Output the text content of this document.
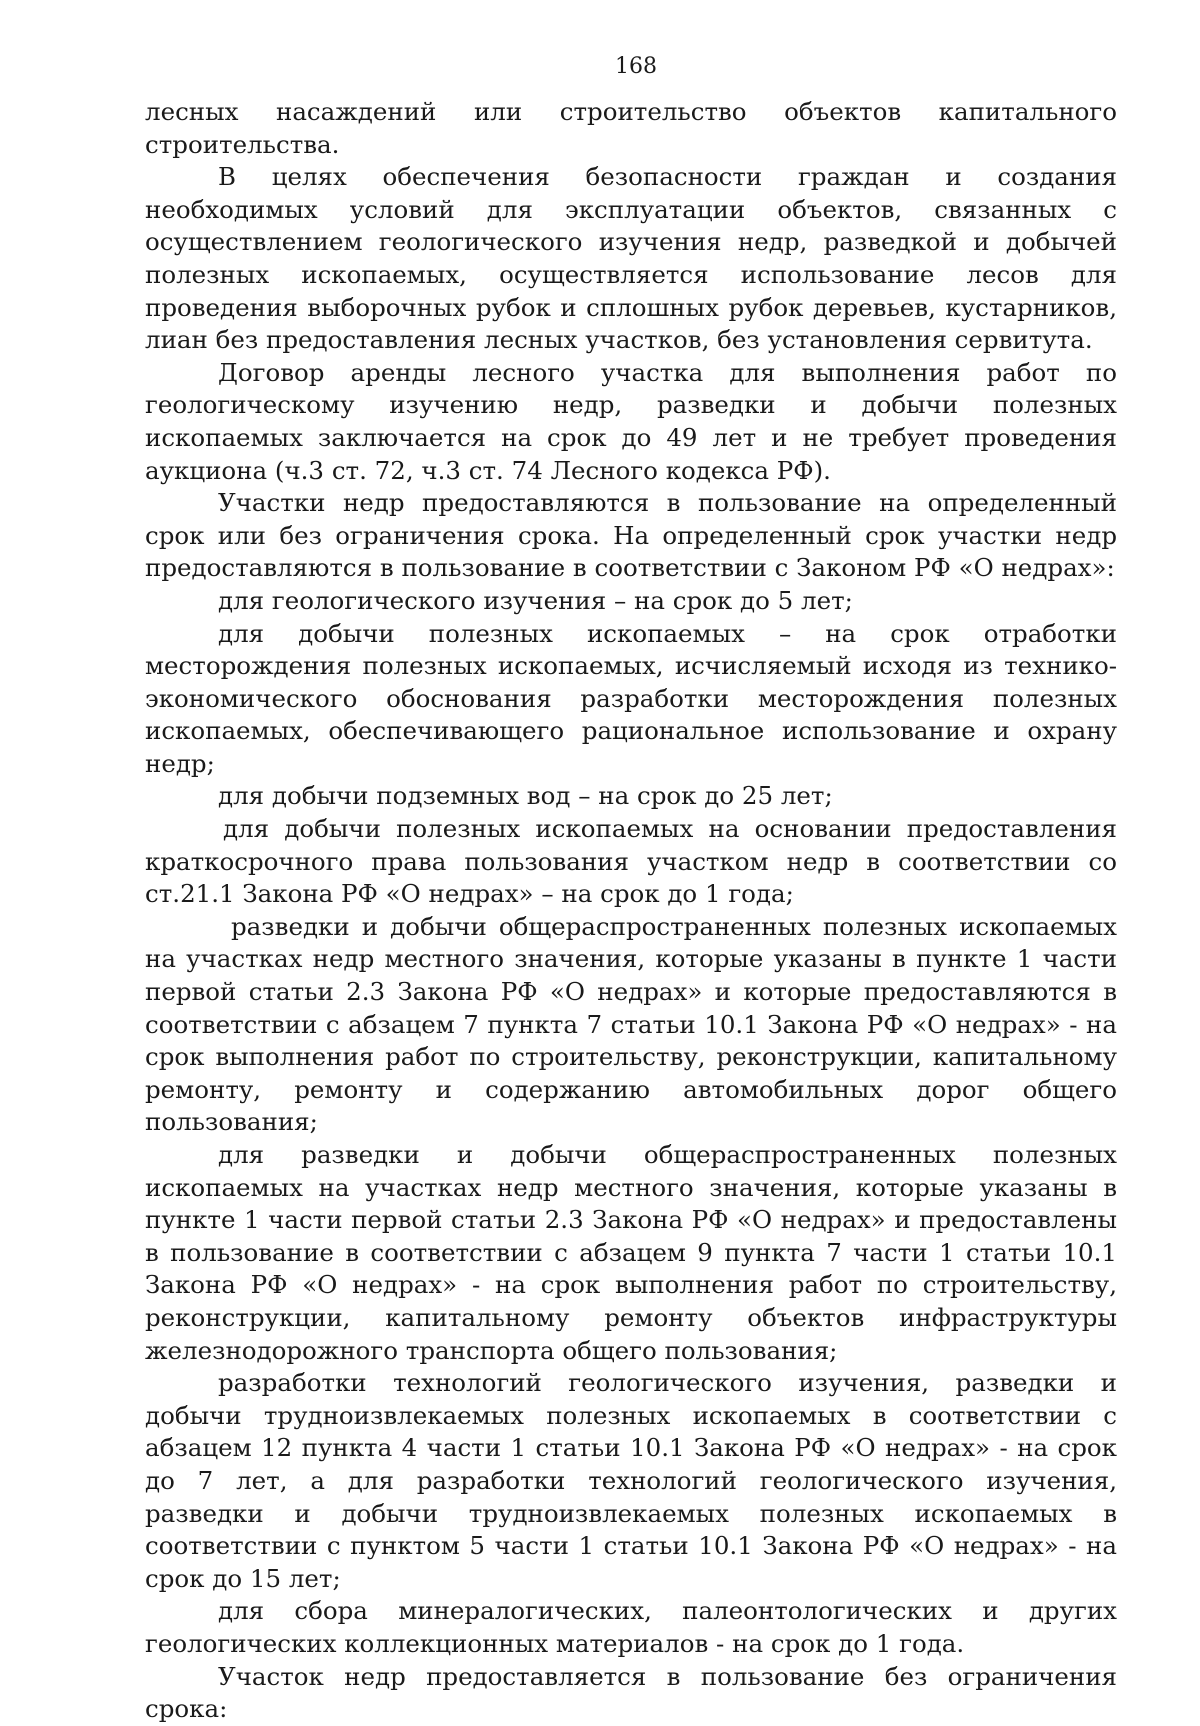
168

лесных насаждений или строительство объектов капитального строительства.

В целях обеспечения безопасности граждан и создания необходимых условий для эксплуатации объектов, связанных с осуществлением геологического изучения недр, разведкой и добычей полезных ископаемых, осуществляется использование лесов для проведения выборочных рубок и сплошных рубок деревьев, кустарников, лиан без предоставления лесных участков, без установления сервитута.

Договор аренды лесного участка для выполнения работ по геологическому изучению недр, разведки и добычи полезных ископаемых заключается на срок до 49 лет и не требует проведения аукциона (ч.3 ст. 72, ч.3 ст. 74 Лесного кодекса РФ).

Участки недр предоставляются в пользование на определенный срок или без ограничения срока. На определенный срок участки недр предоставляются в пользование в соответствии с Законом РФ «О недрах»:

для геологического изучения – на срок до 5 лет;

для добычи полезных ископаемых – на срок отработки месторождения полезных ископаемых, исчисляемый исходя из технико-экономического обоснования разработки месторождения полезных ископаемых, обеспечивающего рациональное использование и охрану недр;

для добычи подземных вод – на срок до 25 лет;

для добычи полезных ископаемых на основании предоставления краткосрочного права пользования участком недр в соответствии со ст.21.1 Закона РФ «О недрах» – на срок до 1 года;

разведки и добычи общераспространенных полезных ископаемых на участках недр местного значения, которые указаны в пункте 1 части первой статьи 2.3 Закона РФ «О недрах» и которые предоставляются в соответствии с абзацем 7 пункта 7 статьи 10.1 Закона РФ «О недрах» - на срок выполнения работ по строительству, реконструкции, капитальному ремонту, ремонту и содержанию автомобильных дорог общего пользования;

для разведки и добычи общераспространенных полезных ископаемых на участках недр местного значения, которые указаны в пункте 1 части первой статьи 2.3 Закона РФ «О недрах» и предоставлены в пользование в соответствии с абзацем 9 пункта 7 части 1 статьи 10.1 Закона РФ «О недрах» - на срок выполнения работ по строительству, реконструкции, капитальному ремонту объектов инфраструктуры железнодорожного транспорта общего пользования;

разработки технологий геологического изучения, разведки и добычи трудноизвлекаемых полезных ископаемых в соответствии с абзацем 12 пункта 4 части 1 статьи 10.1 Закона РФ «О недрах» - на срок до 7 лет, а для разработки технологий геологического изучения, разведки и добычи трудноизвлекаемых полезных ископаемых в соответствии с пунктом 5 части 1 статьи 10.1 Закона РФ «О недрах» - на срок до 15 лет;

для сбора минералогических, палеонтологических и других геологических коллекционных материалов - на срок до 1 года.

Участок недр предоставляется в пользование без ограничения срока:
